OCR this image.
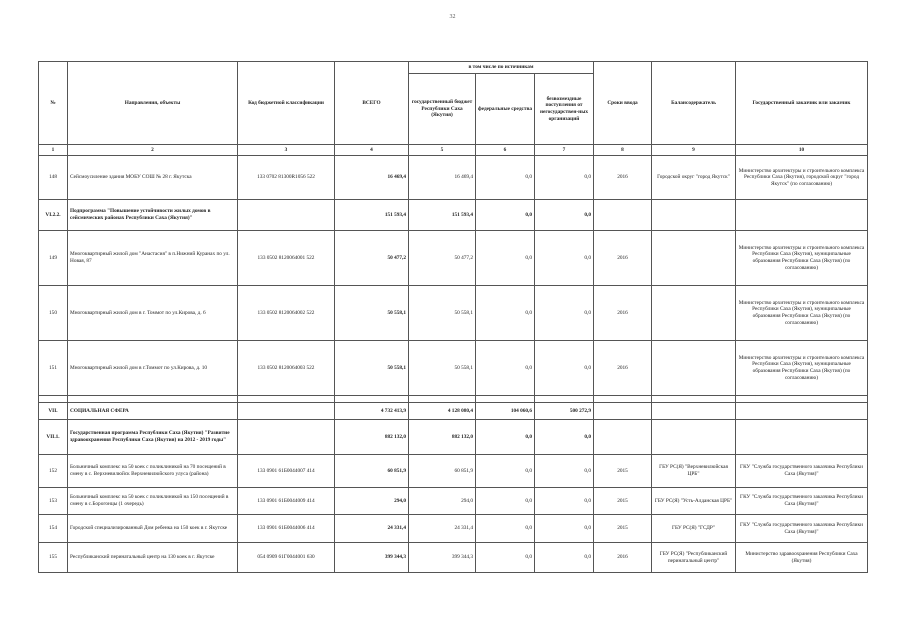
32
№	Направления, объекты	Код бюджетной классификации	ВСЕГО	в том числе по источникам			Сроки ввода	Балансодержатель	Государственный заказчик или заказчик
				государственный бюджет Республики Саха (Якутия)	федеральные средства	безвозмездные поступления от негосударствен-ных организаций			
1	2	3	4	5	6	7	8	9	10
148	Сейсмоусиление здания МОБУ СОШ № 28 г. Якутска	133 0702 81300R1056 522	16 469,4	16 469,4	0,0	0,0	2016	Городской округ "город Якутск"	Министерство архитектуры и строительного комплекса Республики Саха (Якутия), городской округ "город Якутск" (по согласованию)
VI.2.2.	Подпрограмма "Повышение устойчивости жилых домов в сейсмических районах Республики Саха (Якутия)"		151 593,4	151 593,4	0,0	0,0			
149	Многоквартирный жилой дом "Анастасия" в п.Нижний Куранах по ул. Новая, 87	133 0502 8120064001 522	50 477,2	50 477,2	0,0	0,0	2016		Министерство архитектуры и строительного комплекса Республики Саха (Якутия), муниципальные образования Республики Саха (Якутия) (по согласованию)
150	Многоквартирный жилой дом в г. Томмот по ул.Кирова, д. 6	133 0502 8120064002 522	50 558,1	50 558,1	0,0	0,0	2016		Министерство архитектуры и строительного комплекса Республики Саха (Якутия), муниципальные образования Республики Саха (Якутия) (по согласованию)
151	Многоквартирный жилой дом в г.Томмот по ул.Кирова, д. 10	133 0502 8120064003 522	50 558,1	50 558,1	0,0	0,0	2016		Министерство архитектуры и строительного комплекса Республики Саха (Якутия), муниципальные образования Республики Саха (Якутия) (по согласованию)

VII.	СОЦИАЛЬНАЯ СФЕРА		4 732 413,9	4 128 080,4	104 060,6	500 272,9			
VII.1.	Государственная программа Республики Саха (Якутия) "Развитие здравоохранения Республики Саха (Якутия) на 2012 - 2019 годы"		882 132,0	882 132,0	0,0	0,0			
152	Больничный комплекс на 50 коек с поликлиникой на 70 посещений в смену в с. Верхневилюйск Верхневилюйского улуса (района)	133 0901 61Б0044007 414	60 851,9	60 851,9	0,0	0,0	2015	ГБУ РС(Я) "Верхневилюйская ЦРБ"	ГКУ "Служба государственного заказчика Республики Саха (Якутия)"
153	Больничный комплекс на 50 коек с поликлиникой на 150 посещений в смену в с.Борогонцы (1 очередь)	133 0901 61Б0044009 414	294,0	294,0	0,0	0,0	2015	ГБУ РС(Я) "Усть-Алданская ЦРБ"	ГКУ "Служба государственного заказчика Республики Саха (Якутия)"
154	Городской специализированный Дом ребенка на 150 коек в г. Якутске	133 0901 61Б0044006 414	24 331,4	24 331,4	0,0	0,0	2015	ГБУ РС(Я) "ГСДР"	ГКУ "Служба государственного заказчика Республики Саха (Якутия)"
155	Республиканский перинатальный центр на 130 коек в г. Якутске	054 0909 61Г0044001 630	399 344,3	399 344,3	0,0	0,0	2016	ГБУ РС(Я) "Республиканский перинатальный центр"	Министерство здравоохранения Республики Саха (Якутия)
